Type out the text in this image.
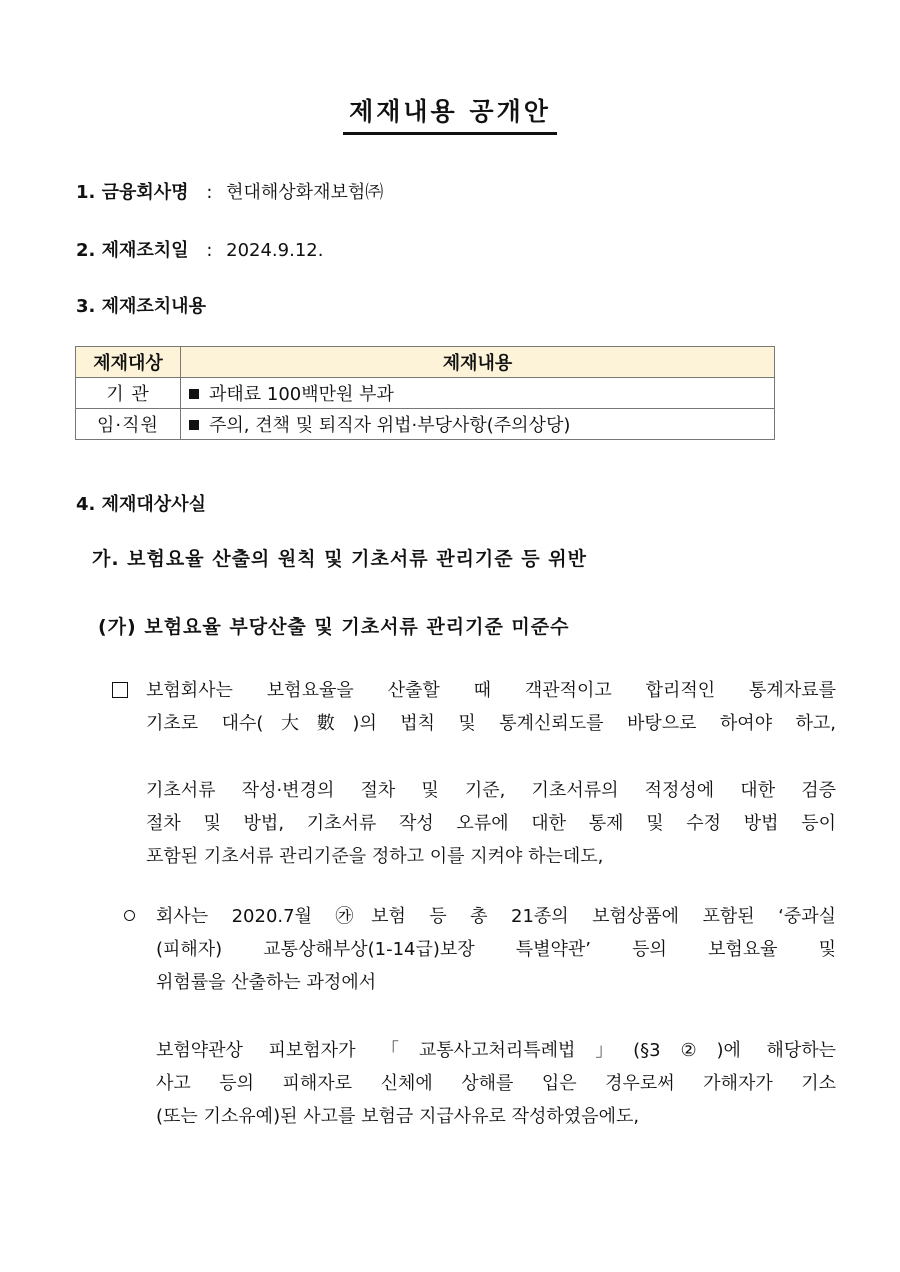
제재내용 공개안
1. 금융회사명 : 현대해상화재보험㈜
2. 제재조치일 : 2024.9.12.
3. 제재조치내용
제재대상	제재내용
기 관	과태료 100백만원 부과
임·직원	주의, 견책 및 퇴직자 위법·부당사항(주의상당)
4. 제재대상사실
가. 보험요율 산출의 원칙 및 기초서류 관리기준 등 위반
(가) 보험요율 부당산출 및 기초서류 관리기준 미준수
보험회사는 보험요율을 산출할 때 객관적이고 합리적인 통계자료를
기초로 대수(大數)의 법칙 및 통계신뢰도를 바탕으로 하여야 하고,
기초서류 작성·변경의 절차 및 기준, 기초서류의 적정성에 대한 검증
절차 및 방법, 기초서류 작성 오류에 대한 통제 및 수정 방법 등이
포함된 기초서류 관리기준을 정하고 이를 지켜야 하는데도,
회사는 2020.7월 ㉮보험 등 총 21종의 보험상품에 포함된 ‘중과실
(피해자) 교통상해부상(1-14급)보장 특별약관’ 등의 보험요율 및
위험률을 산출하는 과정에서
보험약관상 피보험자가 「교통사고처리특례법」(§3②)에 해당하는
사고 등의 피해자로 신체에 상해를 입은 경우로써 가해자가 기소
(또는 기소유예)된 사고를 보험금 지급사유로 작성하였음에도,
